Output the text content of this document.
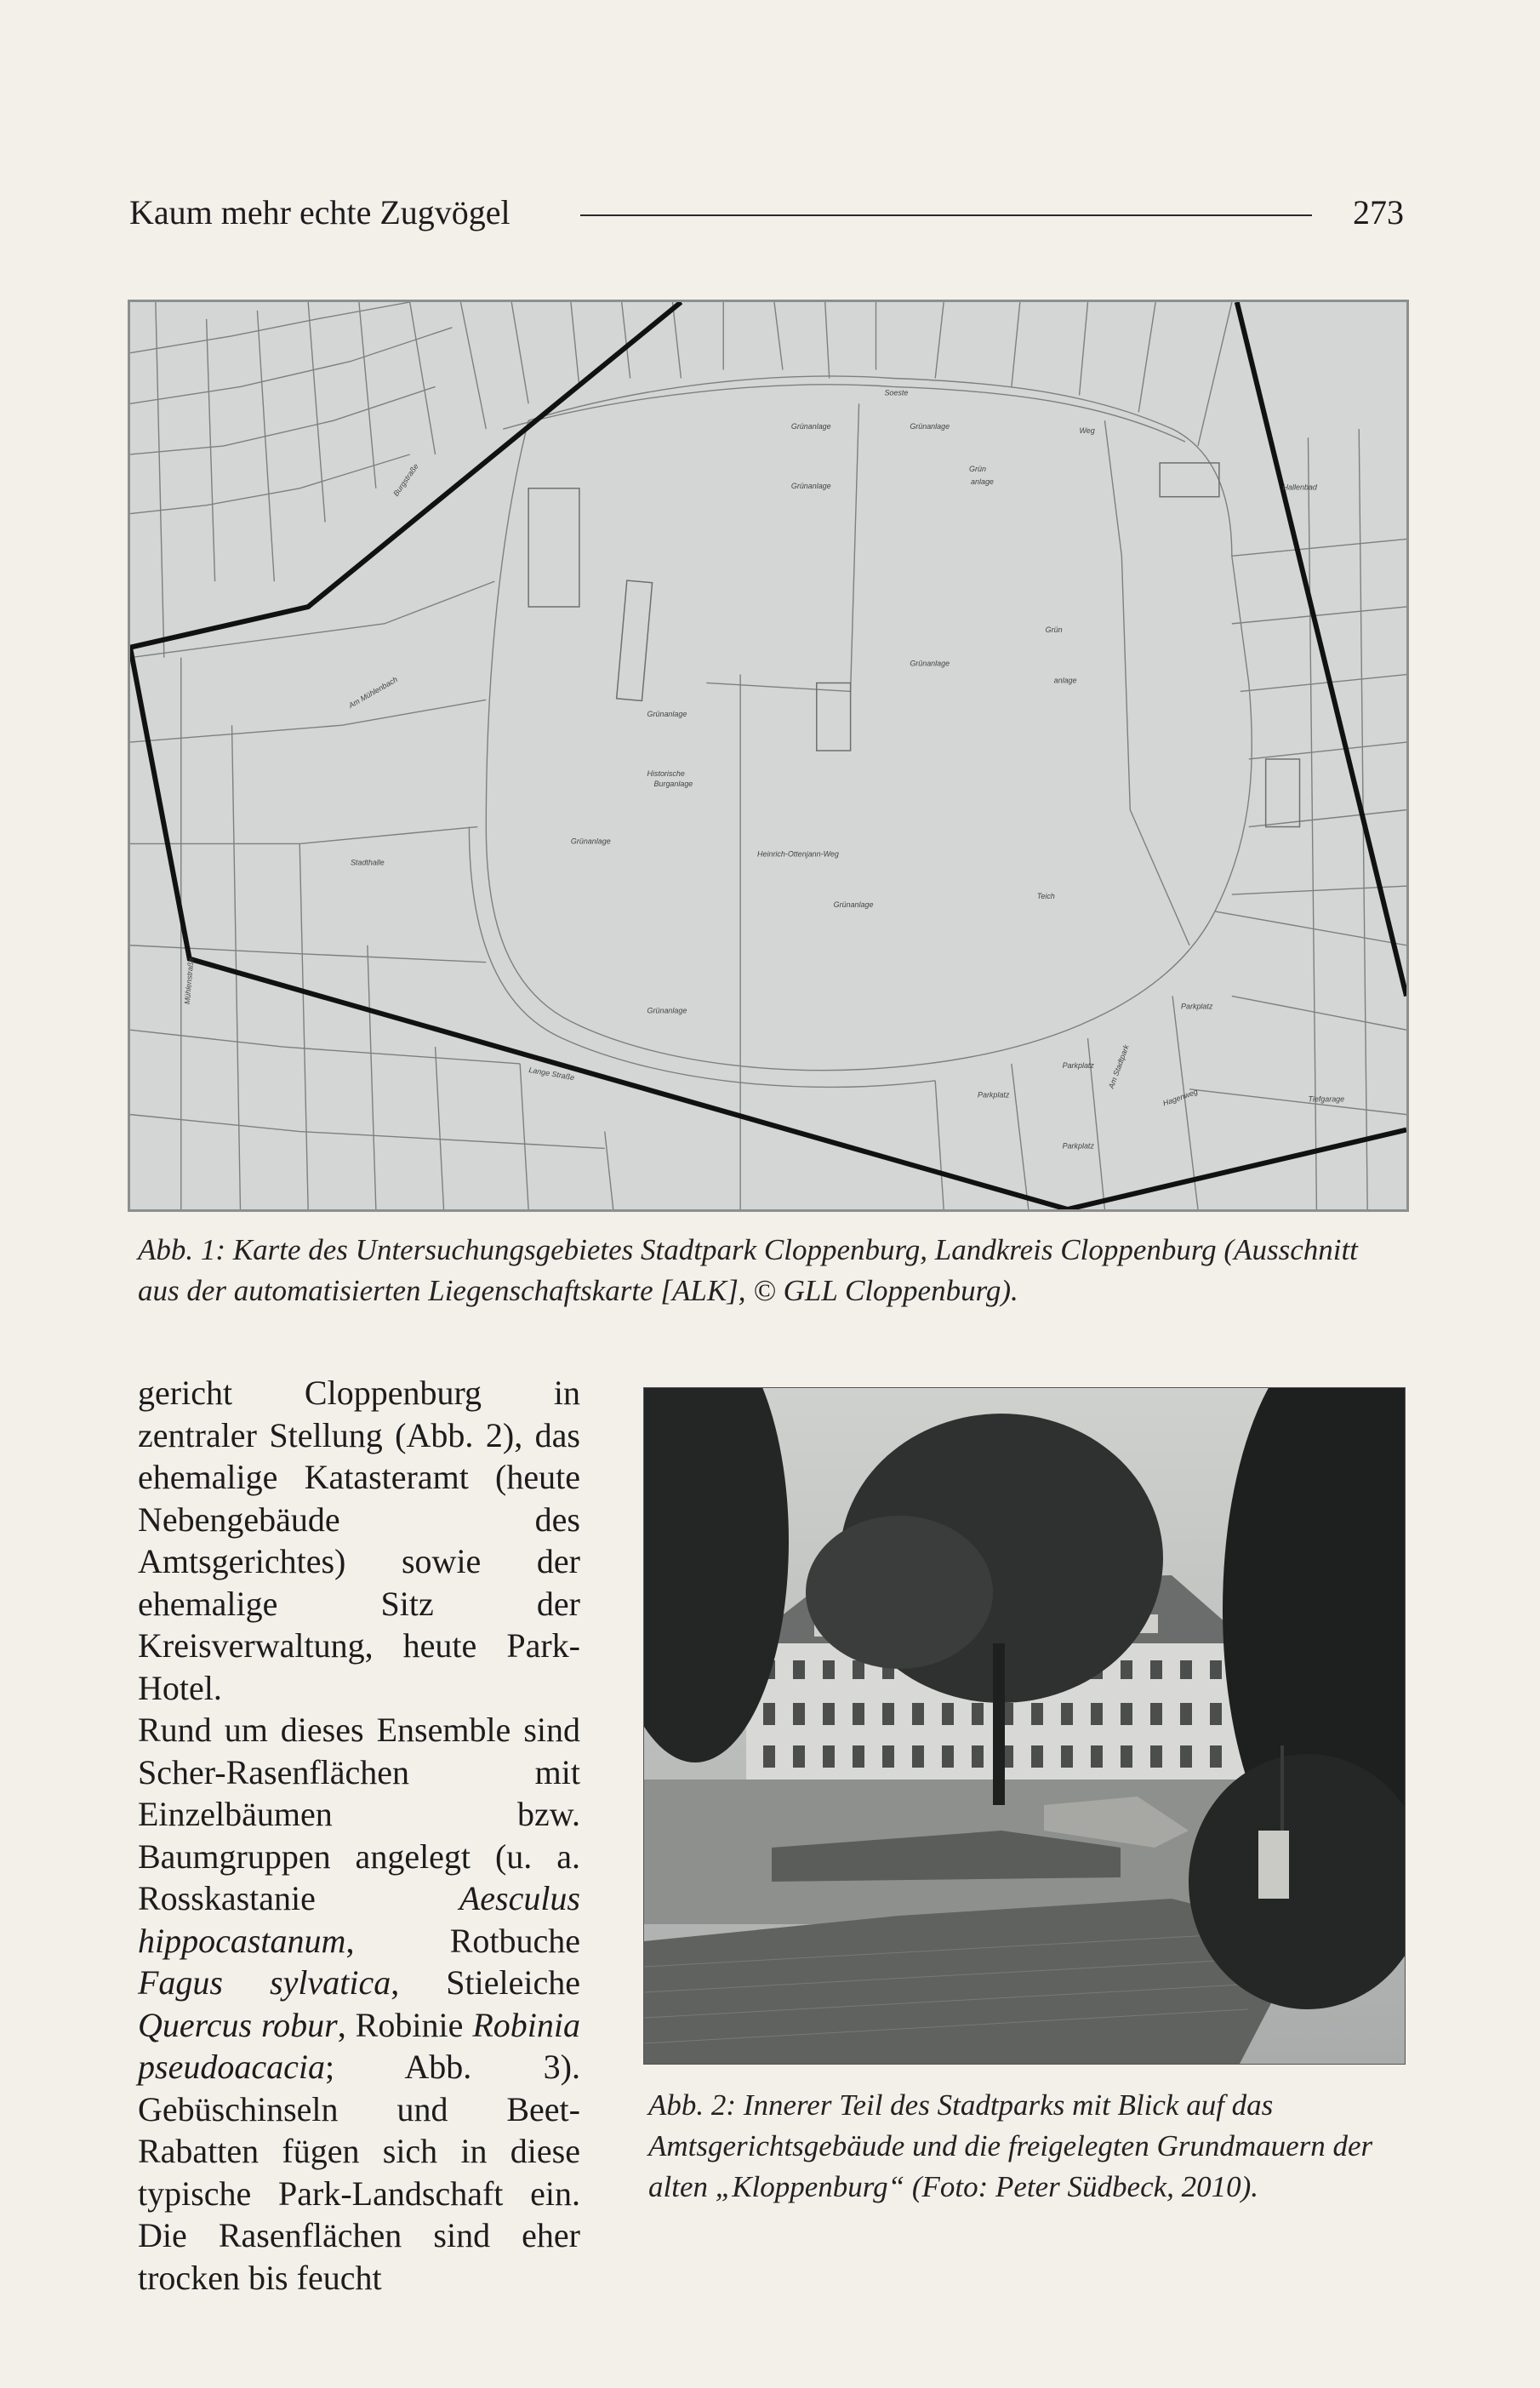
Kaum mehr echte Zugvögel	273
Soeste
Grünanlage	Grünanlage
Grünanlage
Grün
anlage
Weg
Hallenbad
Grün
anlage
Grünanlage
Grünanlage
Historische
Burganlage
Grünanlage
Heinrich-Ottenjann-Weg
Stadthalle
Grünanlage
Teich
Grünanlage	Parkplatz
Parkplatz
Parkplatz
Parkplatz
Tiefgarage
Hagenweg
Am Stadtpark
Burgstraße
Mühlenstraße
Am Mühlenbach
Lange Straße
Abb. 1: Karte des Untersuchungsgebietes Stadtpark Cloppenburg, Landkreis Cloppenburg (Ausschnitt aus der automatisierten Liegenschaftskarte [ALK], © GLL Cloppenburg).

gericht Cloppenburg in zentraler Stellung (Abb. 2), das ehemalige Katasteramt (heute Nebengebäude des Amtsgerichtes) sowie der ehemalige Sitz der Kreisverwaltung, heute Park-Hotel.

Rund um dieses Ensemble sind Scher-Rasenflächen mit Einzelbäumen bzw. Baumgruppen angelegt (u. a. Rosskastanie Aesculus hippocastanum, Rotbuche Fagus sylvatica, Stieleiche Quercus robur, Robinie Robinia pseudoacacia; Abb. 3). Gebüschinseln und Beet-Rabatten fügen sich in diese typische Park-Landschaft ein. Die Rasenflächen sind eher trocken bis feucht

Abb. 2: Innerer Teil des Stadtparks mit Blick auf das Amtsgerichtsgebäude und die freigelegten Grundmauern der alten „Kloppenburg“ (Foto: Peter Südbeck, 2010).
